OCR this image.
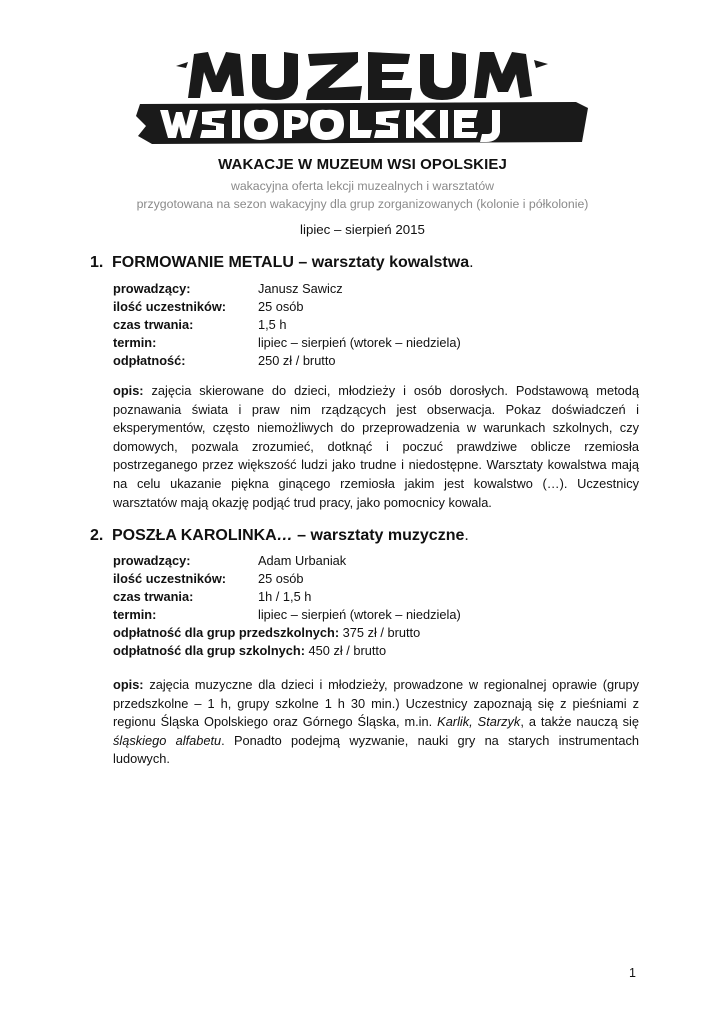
WAKACJE W MUZEUM WSI OPOLSKIEJ
wakacyjna oferta lekcji muzealnych i warsztatów
przygotowana na sezon wakacyjny dla grup zorganizowanych (kolonie i półkolonie)
lipiec – sierpień 2015
1. FORMOWANIE METALU – warsztaty kowalstwa.
prowadzący:	Janusz Sawicz
ilość uczestników: 25 osób
czas trwania:	1,5 h
termin:	lipiec – sierpień (wtorek – niedziela)
odpłatność:	250 zł / brutto
opis: zajęcia skierowane do dzieci, młodzieży i osób dorosłych. Podstawową metodą poznawania świata i praw nim rządzących jest obserwacja. Pokaz doświadczeń i eksperymentów, często niemożliwych do przeprowadzenia w warunkach szkolnych, czy domowych, pozwala zrozumieć, dotknąć i poczuć prawdziwe oblicze rzemiosła postrzeganego przez większość ludzi jako trudne i niedostępne. Warsztaty kowalstwa mają na celu ukazanie piękna ginącego rzemiosła jakim jest kowalstwo (…). Uczestnicy warsztatów mają okazję podjąć trud pracy, jako pomocnicy kowala.
2. POSZŁA KAROLINKA… – warsztaty muzyczne.
prowadzący:	Adam Urbaniak
ilość uczestników: 25 osób
czas trwania:	1h / 1,5 h
termin:	lipiec – sierpień (wtorek – niedziela)
odpłatność dla grup przedszkolnych: 375 zł / brutto
odpłatność dla grup szkolnych: 450 zł / brutto
opis: zajęcia muzyczne dla dzieci i młodzieży, prowadzone w regionalnej oprawie (grupy przedszkolne – 1 h, grupy szkolne 1 h 30 min.) Uczestnicy zapoznają się z pieśniami z regionu Śląska Opolskiego oraz Górnego Śląska, m.in. Karlik, Starzyk, a także nauczą się śląskiego alfabetu. Ponadto podejmą wyzwanie, nauki gry na starych instrumentach ludowych.
1
